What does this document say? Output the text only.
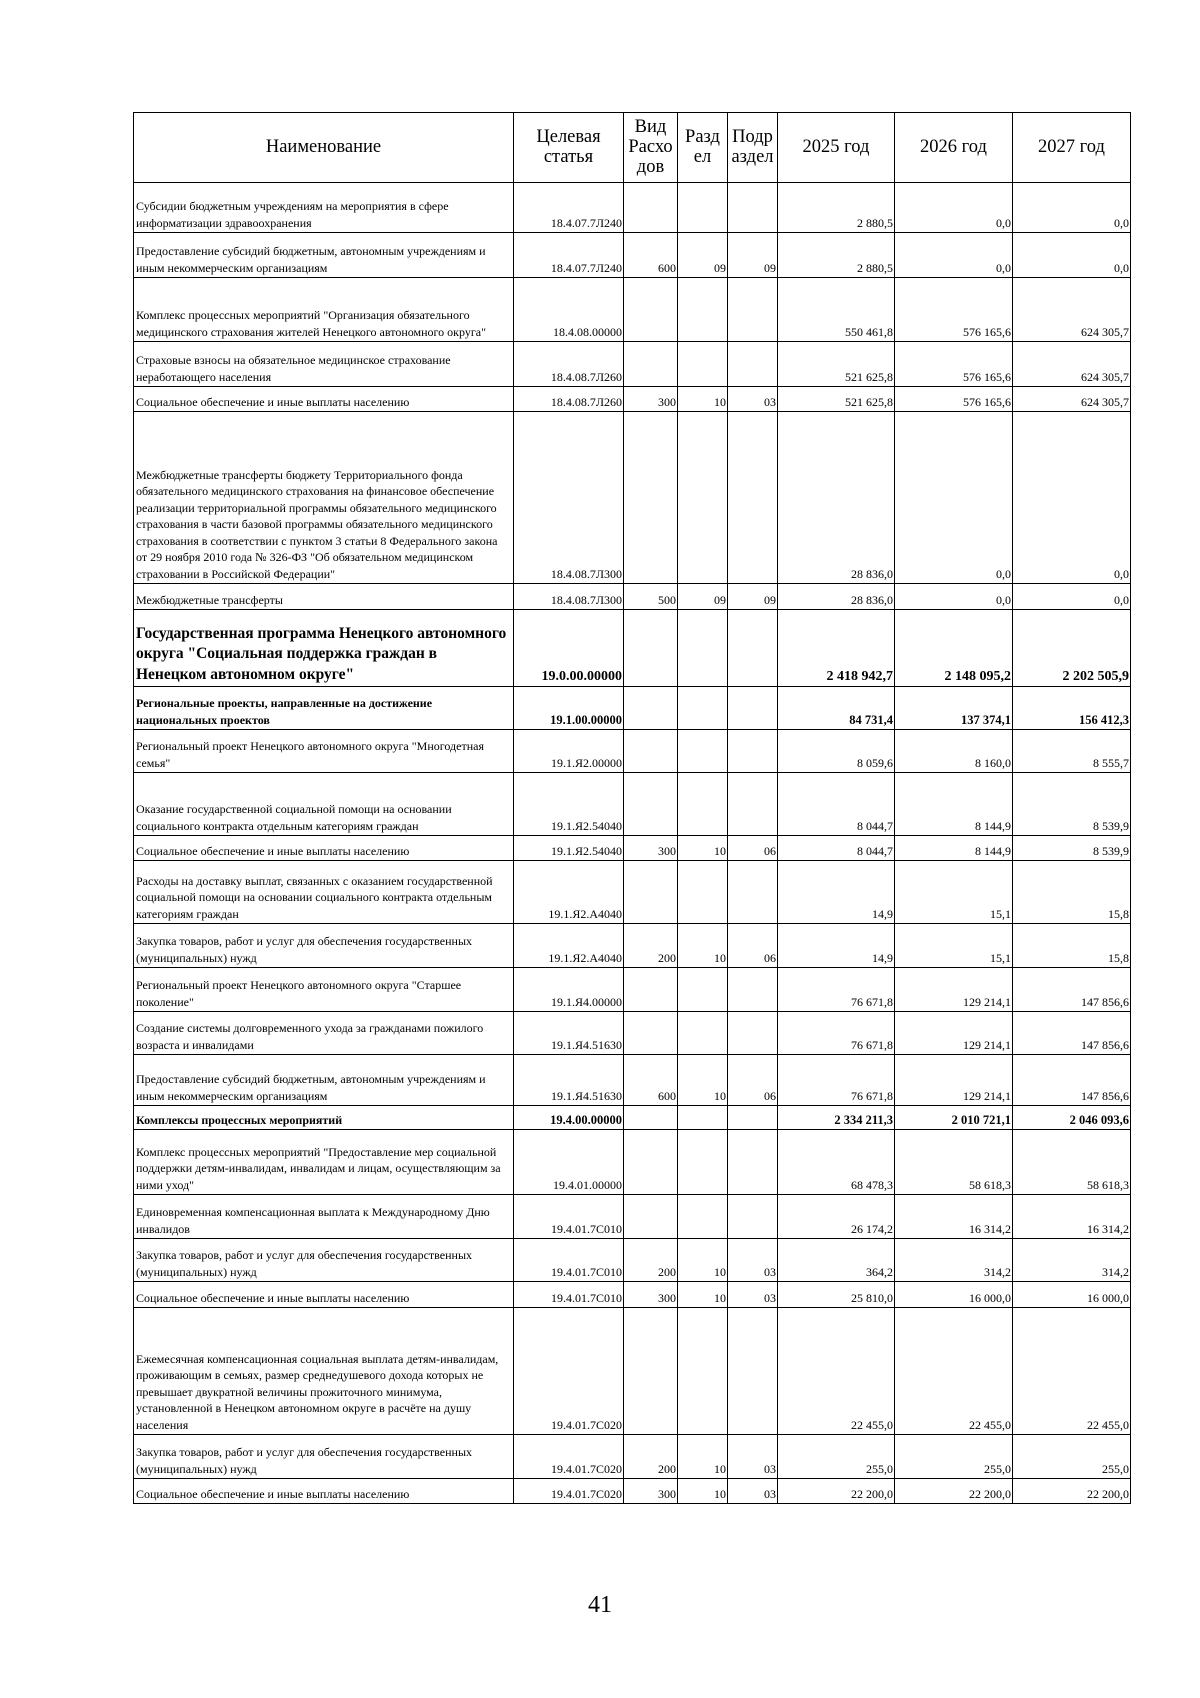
Наименование	Целевая статья	Вид Расхо дов	Разд ел	Подр аздел	2025 год	2026 год	2027 год
Субсидии бюджетным учреждениям на мероприятия в сфере информатизации здравоохранения	18.4.07.7Л240				2 880,5	0,0	0,0
Предоставление субсидий бюджетным, автономным учреждениям и иным некоммерческим организациям	18.4.07.7Л240	600	09	09	2 880,5	0,0	0,0
Комплекс процессных мероприятий "Организация обязательного медицинского страхования жителей Ненецкого автономного округа"	18.4.08.00000				550 461,8	576 165,6	624 305,7
Страховые взносы на обязательное медицинское страхование неработающего населения	18.4.08.7Л260				521 625,8	576 165,6	624 305,7
Социальное обеспечение и иные выплаты населению	18.4.08.7Л260	300	10	03	521 625,8	576 165,6	624 305,7
Межбюджетные трансферты бюджету Территориального фонда обязательного медицинского страхования на финансовое обеспечение реализации территориальной программы обязательного медицинского страхования в части базовой программы обязательного медицинского страхования в соответствии с пунктом 3 статьи 8 Федерального закона от 29 ноября 2010 года № 326-ФЗ "Об обязательном медицинском страховании в Российской Федерации"	18.4.08.7Л300				28 836,0	0,0	0,0
Межбюджетные трансферты	18.4.08.7Л300	500	09	09	28 836,0	0,0	0,0
Государственная программа Ненецкого автономного округа "Социальная поддержка граждан в Ненецком автономном округе"	19.0.00.00000				2 418 942,7	2 148 095,2	2 202 505,9
Региональные проекты, направленные на достижение национальных проектов	19.1.00.00000				84 731,4	137 374,1	156 412,3
Региональный проект Ненецкого автономного округа "Многодетная семья"	19.1.Я2.00000				8 059,6	8 160,0	8 555,7
Оказание государственной социальной помощи на основании социального контракта отдельным категориям граждан	19.1.Я2.54040				8 044,7	8 144,9	8 539,9
Социальное обеспечение и иные выплаты населению	19.1.Я2.54040	300	10	06	8 044,7	8 144,9	8 539,9
Расходы на доставку выплат, связанных с оказанием государственной социальной помощи на основании социального контракта отдельным категориям граждан	19.1.Я2.А4040				14,9	15,1	15,8
Закупка товаров, работ и услуг для обеспечения государственных (муниципальных) нужд	19.1.Я2.А4040	200	10	06	14,9	15,1	15,8
Региональный проект Ненецкого автономного округа "Старшее поколение"	19.1.Я4.00000				76 671,8	129 214,1	147 856,6
Создание системы долговременного ухода за гражданами пожилого возраста и инвалидами	19.1.Я4.51630				76 671,8	129 214,1	147 856,6
Предоставление субсидий бюджетным, автономным учреждениям и иным некоммерческим организациям	19.1.Я4.51630	600	10	06	76 671,8	129 214,1	147 856,6
Комплексы процессных мероприятий	19.4.00.00000				2 334 211,3	2 010 721,1	2 046 093,6
Комплекс процессных мероприятий "Предоставление мер социальной поддержки детям-инвалидам, инвалидам и лицам, осуществляющим за ними уход"	19.4.01.00000				68 478,3	58 618,3	58 618,3
Единовременная компенсационная выплата к Международному Дню инвалидов	19.4.01.7С010				26 174,2	16 314,2	16 314,2
Закупка товаров, работ и услуг для обеспечения государственных (муниципальных) нужд	19.4.01.7С010	200	10	03	364,2	314,2	314,2
Социальное обеспечение и иные выплаты населению	19.4.01.7С010	300	10	03	25 810,0	16 000,0	16 000,0
Ежемесячная компенсационная социальная выплата детям-инвалидам, проживающим в семьях, размер среднедушевого дохода которых не превышает двукратной величины прожиточного минимума, установленной в Ненецком автономном округе в расчёте на душу населения	19.4.01.7С020				22 455,0	22 455,0	22 455,0
Закупка товаров, работ и услуг для обеспечения государственных (муниципальных) нужд	19.4.01.7С020	200	10	03	255,0	255,0	255,0
Социальное обеспечение и иные выплаты населению	19.4.01.7С020	300	10	03	22 200,0	22 200,0	22 200,0
41
